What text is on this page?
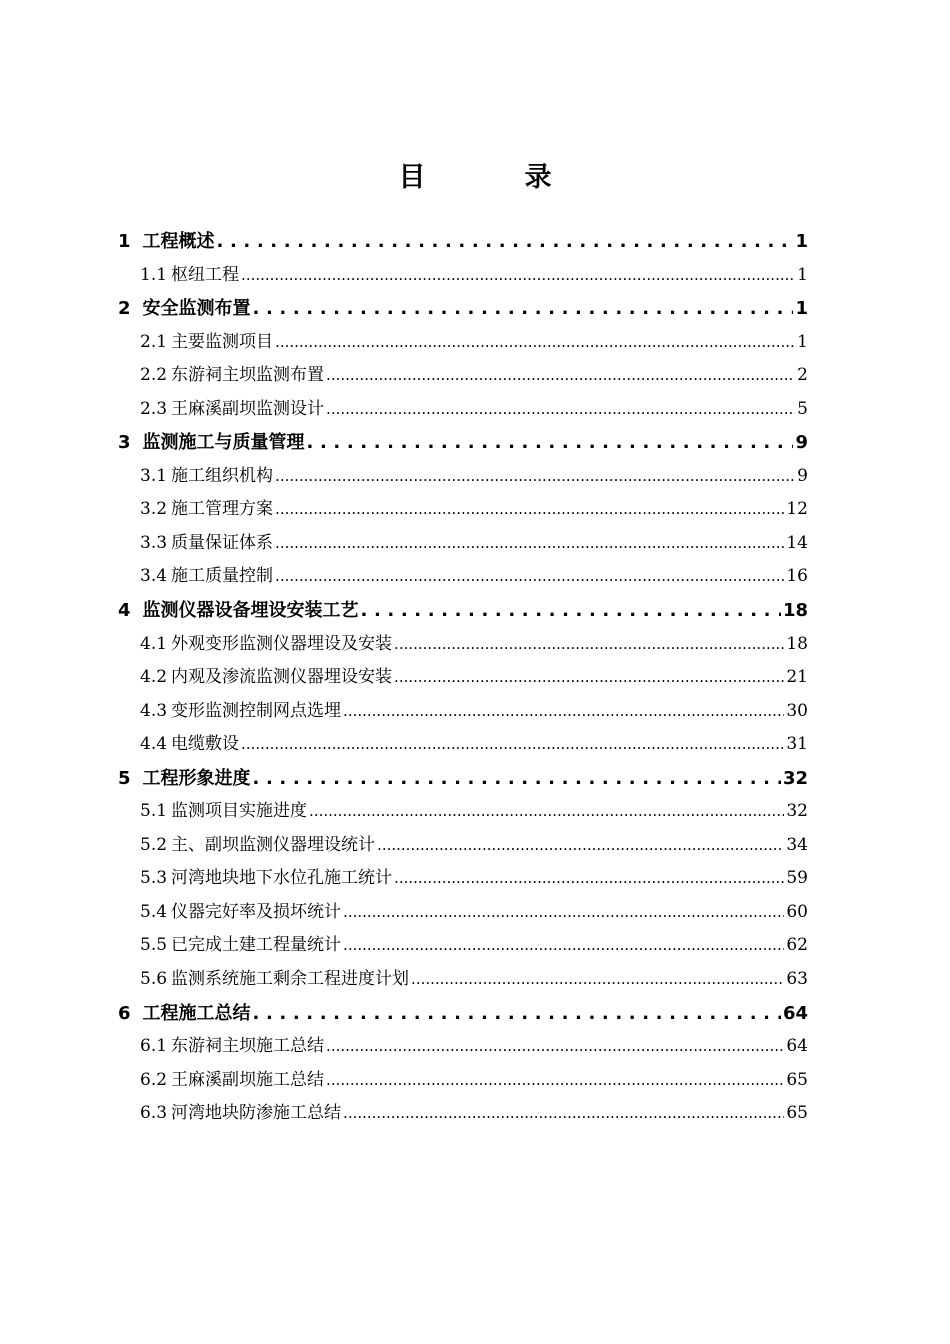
目　录
1 工程概述 .....	1
1.1 枢纽工程 .....	1
2 安全监测布置 .....	1
2.1 主要监测项目 .....	1
2.2 东游祠主坝监测布置 .....	2
2.3 王麻溪副坝监测设计 .....	5
3 监测施工与质量管理 .....	9
3.1 施工组织机构 .....	9
3.2 施工管理方案 .....	12
3.3 质量保证体系 .....	14
3.4 施工质量控制 .....	16
4 监测仪器设备埋设安装工艺 .....	18
4.1 外观变形监测仪器埋设及安装 .....	18
4.2 内观及渗流监测仪器埋设安装 .....	21
4.3 变形监测控制网点选埋 .....	30
4.4 电缆敷设 .....	31
5 工程形象进度 .....	32
5.1 监测项目实施进度 .....	32
5.2 主、副坝监测仪器埋设统计 .....	34
5.3 河湾地块地下水位孔施工统计 .....	59
5.4 仪器完好率及损坏统计 .....	60
5.5 已完成土建工程量统计 .....	62
5.6 监测系统施工剩余工程进度计划 .....	63
6 工程施工总结 .....	64
6.1 东游祠主坝施工总结 .....	64
6.2 王麻溪副坝施工总结 .....	65
6.3 河湾地块防渗施工总结 .....	65
